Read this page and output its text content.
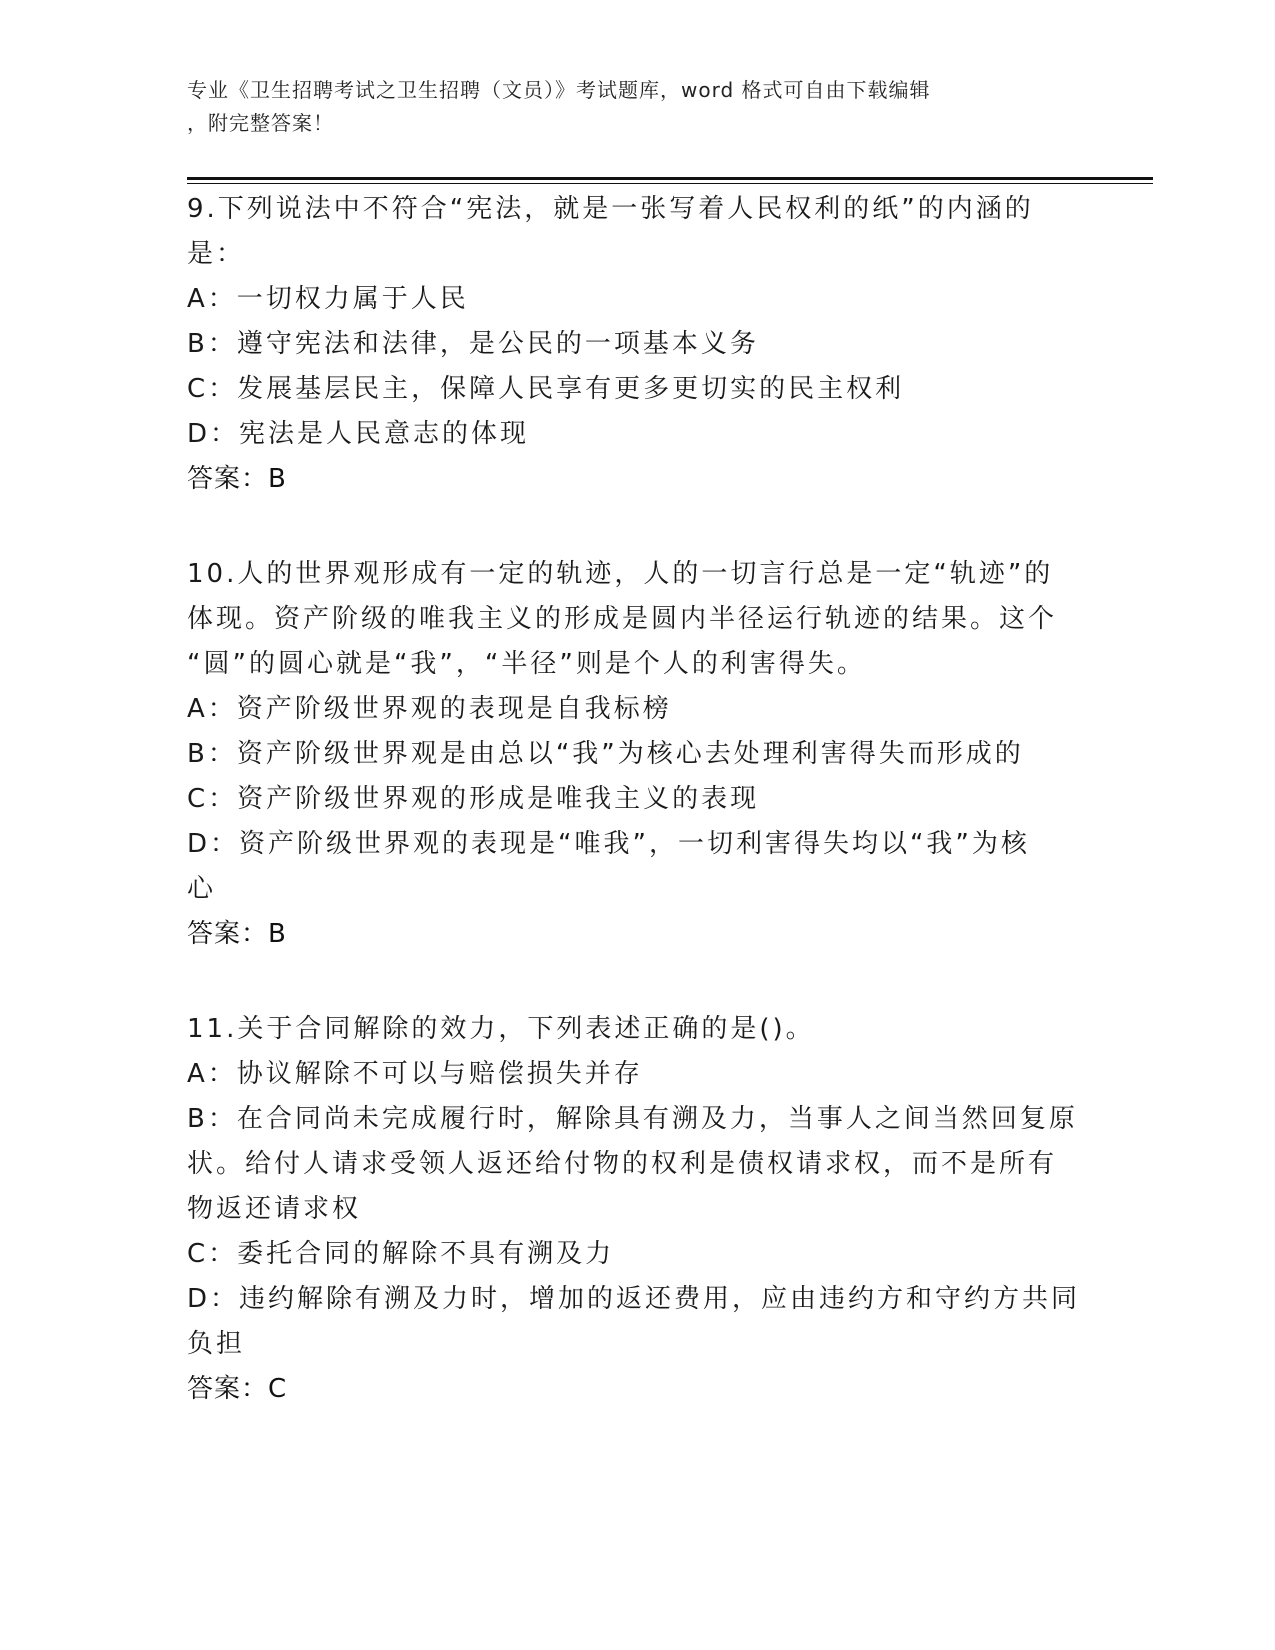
专业《卫生招聘考试之卫生招聘（文员）》考试题库，word 格式可自由下载编辑
，附完整答案！
9.下列说法中不符合“宪法，就是一张写着人民权利的纸”的内涵的
是：
A：一切权力属于人民
B：遵守宪法和法律，是公民的一项基本义务
C：发展基层民主，保障人民享有更多更切实的民主权利
D：宪法是人民意志的体现
答案：B
10.人的世界观形成有一定的轨迹，人的一切言行总是一定“轨迹”的
体现。资产阶级的唯我主义的形成是圆内半径运行轨迹的结果。这个
“圆”的圆心就是“我”，“半径”则是个人的利害得失。
A：资产阶级世界观的表现是自我标榜
B：资产阶级世界观是由总以“我”为核心去处理利害得失而形成的
C：资产阶级世界观的形成是唯我主义的表现
D：资产阶级世界观的表现是“唯我”，一切利害得失均以“我”为核
心
答案：B
11.关于合同解除的效力，下列表述正确的是()。
A：协议解除不可以与赔偿损失并存
B：在合同尚未完成履行时，解除具有溯及力，当事人之间当然回复原
状。给付人请求受领人返还给付物的权利是债权请求权，而不是所有
物返还请求权
C：委托合同的解除不具有溯及力
D：违约解除有溯及力时，增加的返还费用，应由违约方和守约方共同
负担
答案：C
